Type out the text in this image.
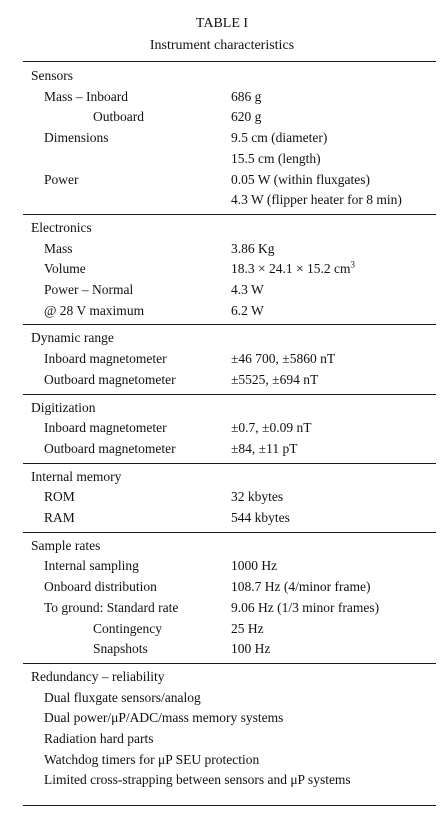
TABLE I
Instrument characteristics
Sensors
Mass – Inboard	686 g
Outboard	620 g
Dimensions	9.5 cm (diameter)
15.5 cm (length)
Power	0.05 W (within fluxgates)
4.3 W (flipper heater for 8 min)
Electronics
Mass	3.86 Kg
Volume	18.3 × 24.1 × 15.2 $cm^3$
Power – Normal	4.3 W
@ 28 V maximum	6.2 W
Dynamic range
Inboard magnetometer	±46 700, ±5860 nT
Outboard magnetometer	±5525, ±694 nT
Digitization
Inboard magnetometer	±0.7, ±0.09 nT
Outboard magnetometer	±84, ±11 pT
Internal memory
ROM	32 kbytes
RAM	544 kbytes
Sample rates
Internal sampling	1000 Hz
Onboard distribution	108.7 Hz (4/minor frame)
To ground: Standard rate	9.06 Hz (1/3 minor frames)
Contingency	25 Hz
Snapshots	100 Hz
Redundancy – reliability
Dual fluxgate sensors/analog
Dual power/μP/ADC/mass memory systems
Radiation hard parts
Watchdog timers for μP SEU protection
Limited cross-strapping between sensors and μP systems
